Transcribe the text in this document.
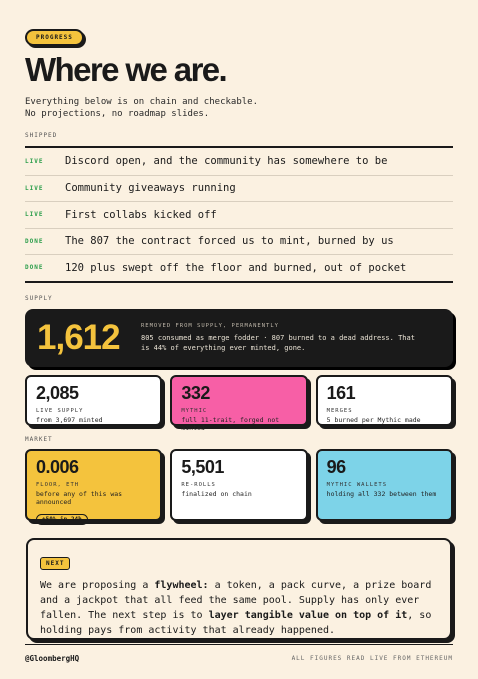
PROGRESS
Where we are.
Everything below is on chain and checkable.
No projections, no roadmap slides.
SHIPPED
LIVE	Discord open, and the community has somewhere to be
LIVE	Community giveaways running
LIVE	First collabs kicked off
DONE	The 807 the contract forced us to mint, burned by us
DONE	120 plus swept off the floor and burned, out of pocket
SUPPLY
1,612	REMOVED FROM SUPPLY, PERMANENTLY
805 consumed as merge fodder · 807 burned to a dead address. That is 44% of everything ever minted, gone.
2,085
LIVE SUPPLY
from 3,697 minted
332
MYTHIC
full 11-trait, forged not minted
161
MERGES
5 burned per Mythic made
MARKET
0.006
FLOOR, ETH
before any of this was announced
+50% in 24h
5,501
RE-ROLLS
finalized on chain
96
MYTHIC WALLETS
holding all 332 between them
NEXT

We are proposing a flywheel: a token, a pack curve, a prize board and a jackpot that all feed the same pool. Supply has only ever fallen. The next step is to layer tangible value on top of it, so holding pays from activity that already happened.

@GloombergHQ	ALL FIGURES READ LIVE FROM ETHEREUM
